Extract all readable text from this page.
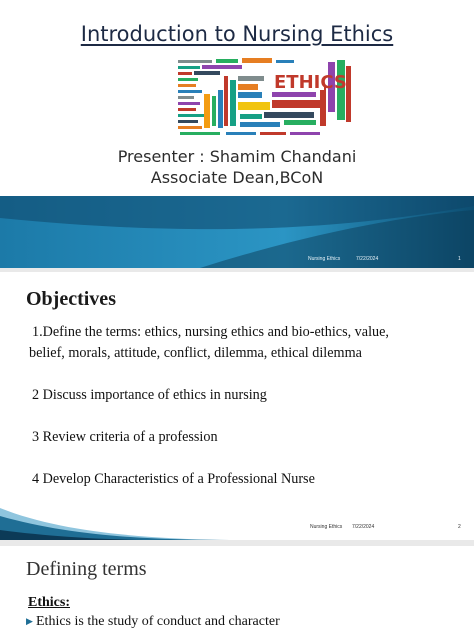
Introduction to Nursing Ethics
ETHICS
Presenter : Shamim Chandani
Associate Dean,BCoN
Nursing Ethics	7/22/2024	1
Objectives
1.Define the terms: ethics, nursing ethics and bio-ethics, value,
belief, morals, attitude, conflict, dilemma, ethical dilemma
2 Discuss importance of ethics in nursing
3 Review criteria of a profession
4 Develop Characteristics of a Professional Nurse
Nursing Ethics 7/22/2024	2
Defining terms
Ethics:
▶ Ethics is the study of conduct and character
